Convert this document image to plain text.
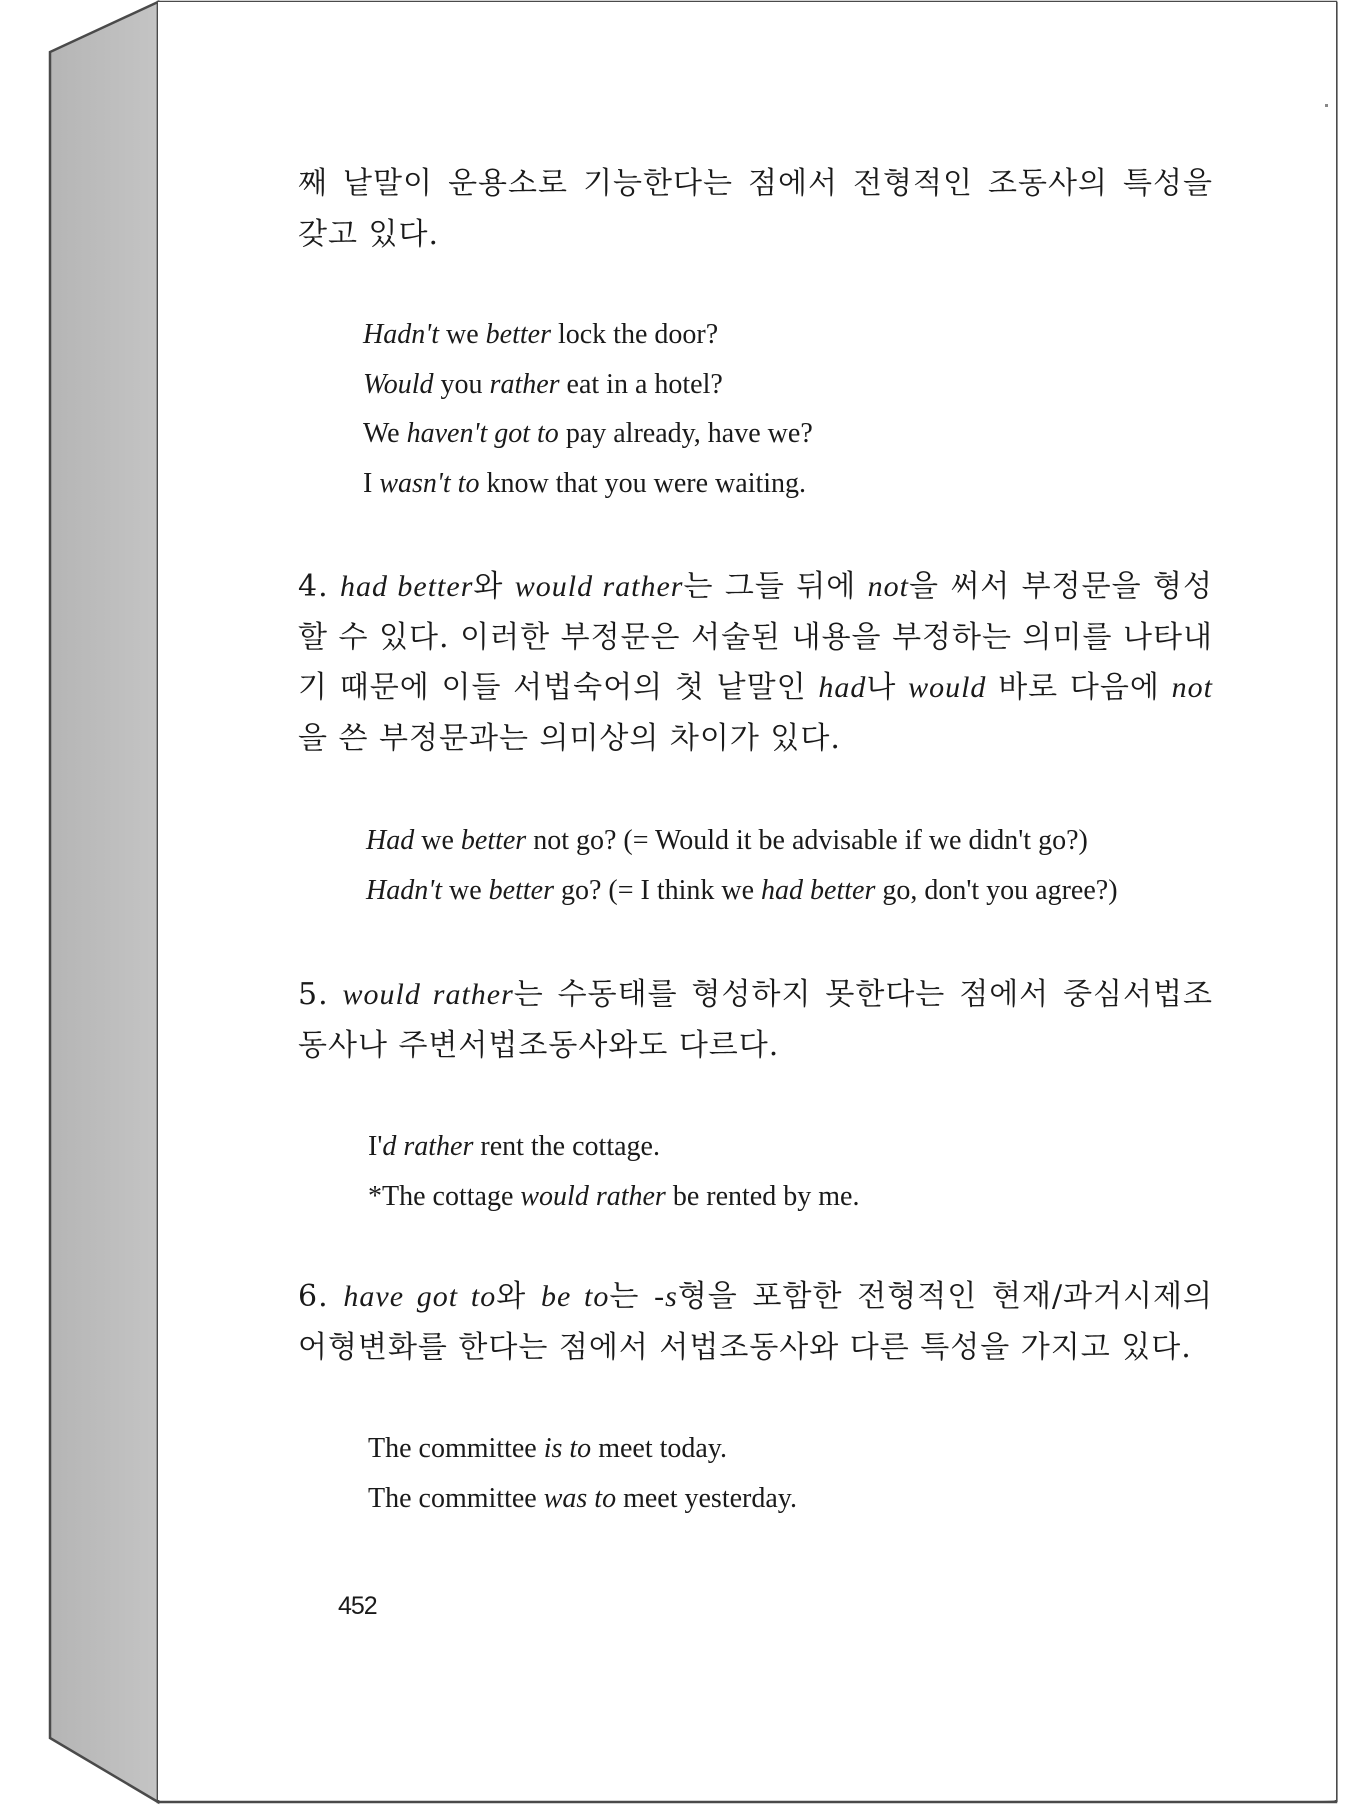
째 낱말이 운용소로 기능한다는 점에서 전형적인 조동사의 특성을 갖고 있다.
Hadn't we better lock the door?
Would you rather eat in a hotel?
We haven't got to pay already, have we?
I wasn't to know that you were waiting.
4. had better와 would rather는 그들 뒤에 not을 써서 부정문을 형성할 수 있다. 이러한 부정문은 서술된 내용을 부정하는 의미를 나타내기 때문에 이들 서법숙어의 첫 낱말인 had나 would 바로 다음에 not을 쓴 부정문과는 의미상의 차이가 있다.
Had we better not go? (= Would it be advisable if we didn't go?)
Hadn't we better go? (= I think we had better go, don't you agree?)
5. would rather는 수동태를 형성하지 못한다는 점에서 중심서법조동사나 주변서법조동사와도 다르다.
I'd rather rent the cottage.
*The cottage would rather be rented by me.
6. have got to와 be to는 -s형을 포함한 전형적인 현재/과거시제의 어형변화를 한다는 점에서 서법조동사와 다른 특성을 가지고 있다.
The committee is to meet today.
The committee was to meet yesterday.
452
